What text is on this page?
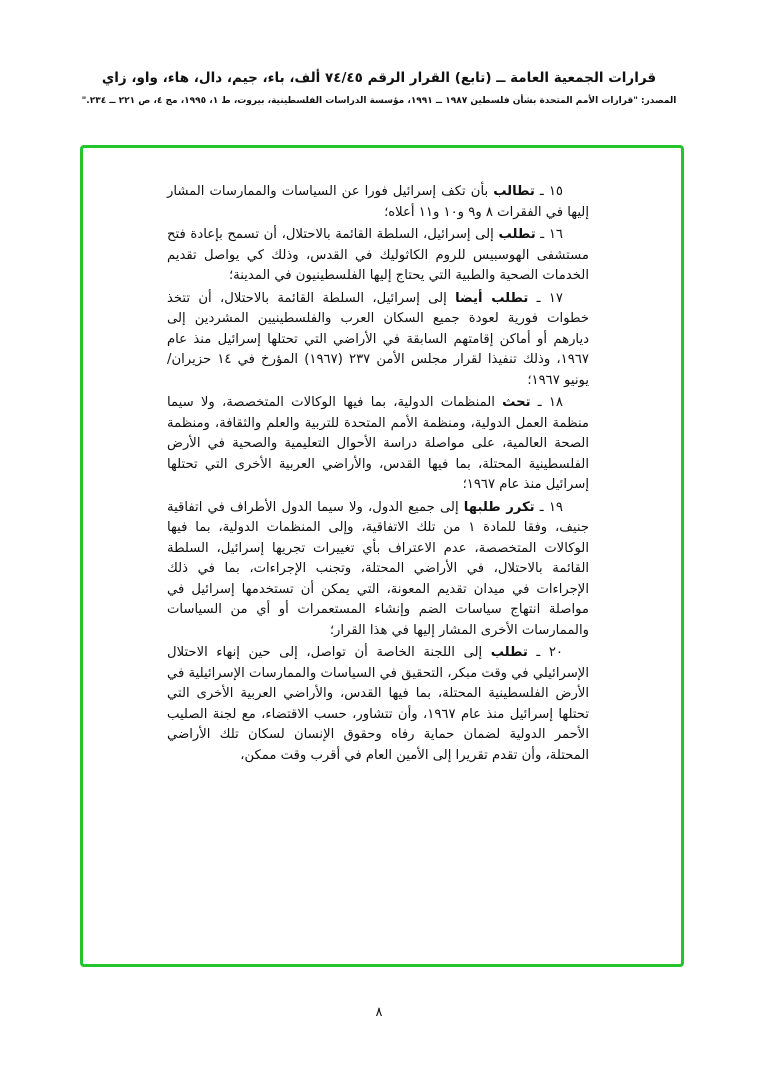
قرارات الجمعية العامة ــ (تابع) القرار الرقم ٧٤/٤٥ ألف، باء، جيم، دال، هاء، واو، زاي
المصدر: "قرارات الأمم المتحدة بشأن فلسطين ١٩٨٧ ــ ١٩٩١، مؤسسة الدراسات الفلسطينية، بيروت، ط ١، ١٩٩٥، مج ٤، ص ٢٢١ ــ ٢٣٤."

١٥ ـ تطالب بأن تكف إسرائيل فورا عن السياسات والممارسات المشار إليها في الفقرات ٨ و٩ و١٠ و١١ أعلاه؛

١٦ ـ تطلب إلى إسرائيل، السلطة القائمة بالاحتلال، أن تسمح بإعادة فتح مستشفى الهوسبيس للروم الكاثوليك في القدس، وذلك كي يواصل تقديم الخدمات الصحية والطبية التي يحتاج إليها الفلسطينيون في المدينة؛

١٧ ـ تطلب أيضا إلى إسرائيل، السلطة القائمة بالاحتلال، أن تتخذ خطوات فورية لعودة جميع السكان العرب والفلسطينيين المشردين إلى ديارهم أو أماكن إقامتهم السابقة في الأراضي التي تحتلها إسرائيل منذ عام ١٩٦٧، وذلك تنفيذا لقرار مجلس الأمن ٢٣٧ (١٩٦٧) المؤرخ في ١٤ حزيران/يونيو ١٩٦٧؛

١٨ ـ تحث المنظمات الدولية، بما فيها الوكالات المتخصصة، ولا سيما منظمة العمل الدولية، ومنظمة الأمم المتحدة للتربية والعلم والثقافة، ومنظمة الصحة العالمية، على مواصلة دراسة الأحوال التعليمية والصحية في الأرض الفلسطينية المحتلة، بما فيها القدس، والأراضي العربية الأخرى التي تحتلها إسرائيل منذ عام ١٩٦٧؛

١٩ ـ تكرر طلبها إلى جميع الدول، ولا سيما الدول الأطراف في اتفاقية جنيف، وفقا للمادة ١ من تلك الاتفاقية، وإلى المنظمات الدولية، بما فيها الوكالات المتخصصة، عدم الاعتراف بأي تغييرات تجريها إسرائيل، السلطة القائمة بالاحتلال، في الأراضي المحتلة، وتجنب الإجراءات، بما في ذلك الإجراءات في ميدان تقديم المعونة، التي يمكن أن تستخدمها إسرائيل في مواصلة انتهاج سياسات الضم وإنشاء المستعمرات أو أي من السياسات والممارسات الأخرى المشار إليها في هذا القرار؛

٢٠ ـ تطلب إلى اللجنة الخاصة أن تواصل، إلى حين إنهاء الاحتلال الإسرائيلي في وقت مبكر، التحقيق في السياسات والممارسات الإسرائيلية في الأرض الفلسطينية المحتلة، بما فيها القدس، والأراضي العربية الأخرى التي تحتلها إسرائيل منذ عام ١٩٦٧، وأن تتشاور، حسب الاقتضاء، مع لجنة الصليب الأحمر الدولية لضمان حماية رفاه وحقوق الإنسان لسكان تلك الأراضي المحتلة، وأن تقدم تقريرا إلى الأمين العام في أقرب وقت ممكن،

٨
